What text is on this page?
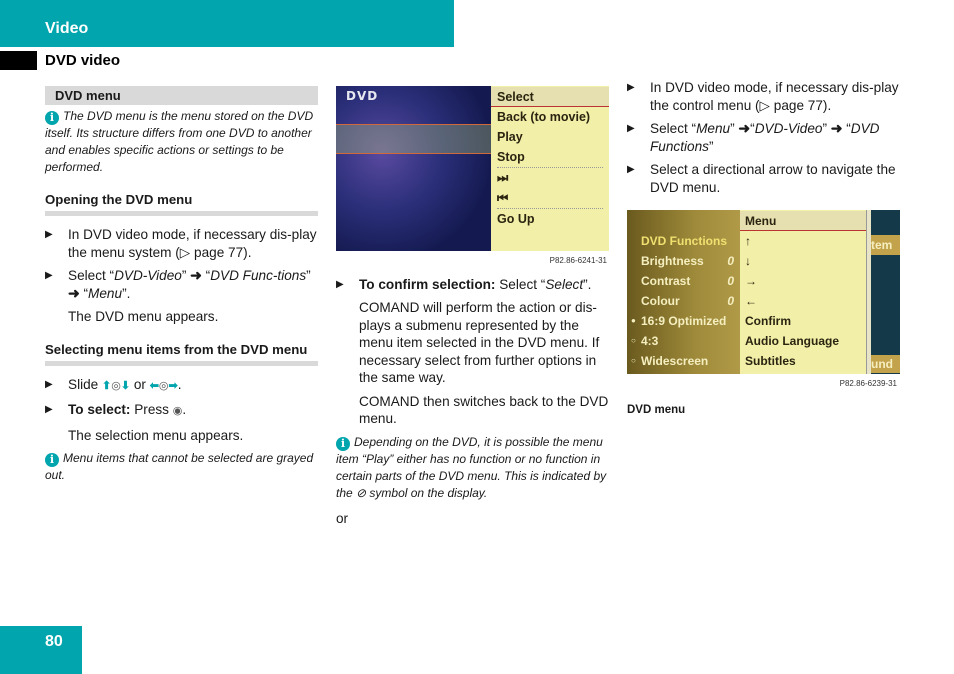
Video
DVD video
DVD menu

i The DVD menu is the menu stored on the DVD itself. Its structure differs from one DVD to another and enables specific actions or settings to be performed.

Opening the DVD menu

▶ In DVD video mode, if necessary dis-play the menu system (▷ page 77).

▶ Select “DVD-Video” ➜ “DVD Func-tions” ➜ “Menu”.

The DVD menu appears.

Selecting menu items from the DVD menu

▶ Slide ⬆◎⬇ or ⬅◎➡.

▶ To select: Press ◉.

The selection menu appears.

i Menu items that cannot be selected are grayed out.

DVD	Select
Back (to movie)
Play
Stop
⏭
⏮
Go Up
P82.86-6241-31

▶ To confirm selection: Select “Select”.

COMAND will perform the action or dis-plays a submenu represented by the menu item selected in the DVD menu. If necessary select from further options in the same way.

COMAND then switches back to the DVD menu.

i Depending on the DVD, it is possible the menu item “Play” either has no function or no function in certain parts of the DVD menu. This is indicated by the ⊘ symbol on the display.

or

▶ In DVD video mode, if necessary dis-play the control menu (▷ page 77).

▶ Select “Menu” ➜“DVD-Video” ➜ “DVD Functions”

▶ Select a directional arrow to navigate the DVD menu.

DVD Functions
Brightness 0
Contrast	0
Colour	0
● 16:9 Optimized
○ 4:3
○ Widescreen
Menu
↑
↓
→
←
Confirm
Audio Language
Subtitles
tem
und
P82.86-6239-31
DVD menu
80
